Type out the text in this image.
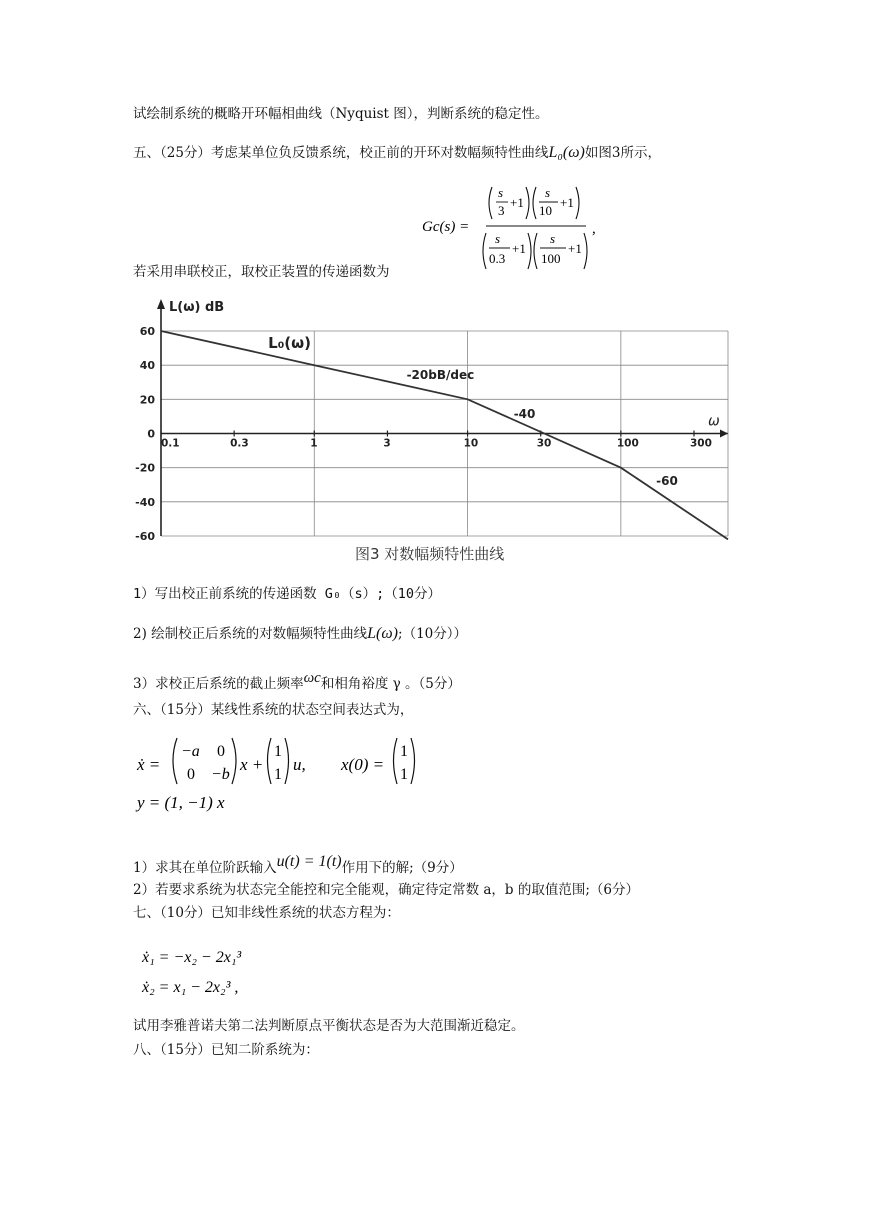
试绘制系统的概略开环幅相曲线（Nyquist 图），判断系统的稳定性。
五、（25分）考虑某单位负反馈系统，校正前的开环对数幅频特性曲线L₀(ω)如图3所示，
Gc(s) =
s
3
+1
s
10
+1
s
0.3
+1
s
100
+1
,
若采用串联校正，取校正装置的传递函数为
60
40
20
0
-20
-40
-60
L(ω) dB
ω
0.1	0.3	1	3	10	30	100	300
L₀(ω)
-20bB/dec
-40
-60
图3 对数幅频特性曲线
1）写出校正前系统的传递函数 G₀（s）;（10分）
2) 绘制校正后系统的对数幅频特性曲线L(ω);（10分））
3）求校正后系统的截止频率ωc和相角裕度 γ 。（5分）
六、（15分）某线性系统的状态空间表达式为，
ẋ =
−a 0
0 −b
x +
1
1
u, x(0) =
1
1
y = (1, −1) x
1）求其在单位阶跃输入u(t) = 1(t)作用下的解;（9分）
2）若要求系统为状态完全能控和完全能观，确定待定常数 a，b 的取值范围;（6分）
七、（10分）已知非线性系统的状态方程为：
ẋ₁ = −x₂ − 2x₁³
ẋ₂ = x₁ − 2x₂³ ,
试用李雅普诺夫第二法判断原点平衡状态是否为大范围渐近稳定。
八、（15分）已知二阶系统为：
